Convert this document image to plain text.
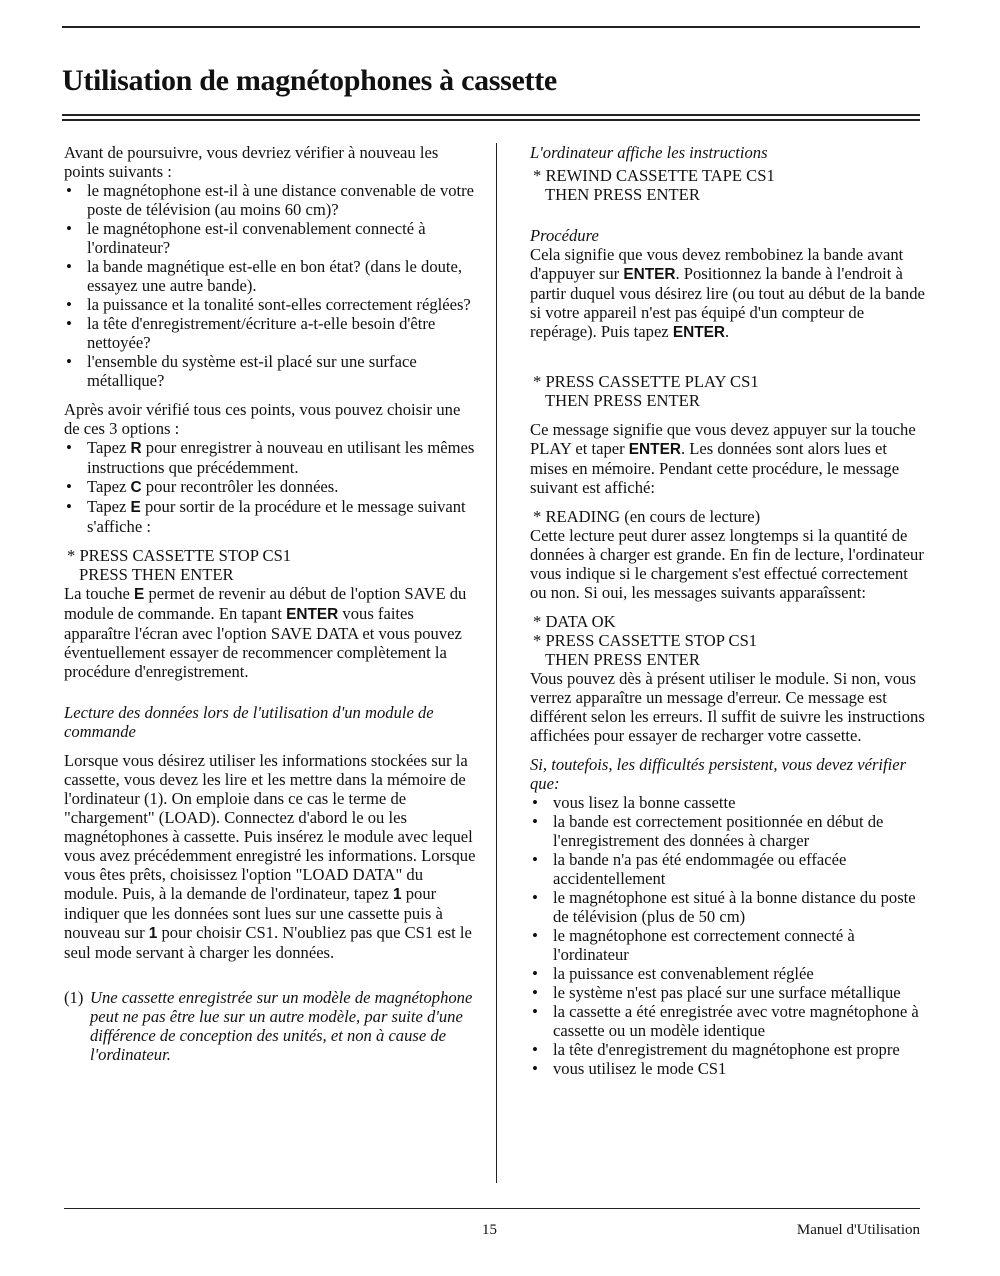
Utilisation de magnétophones à cassette

Avant de poursuivre, vous devriez vérifier à nouveau les points suivants :

• le magnétophone est-il à une distance convenable de votre poste de télévision (au moins 60 cm)?
• le magnétophone est-il convenablement connecté à l'ordinateur?
• la bande magnétique est-elle en bon état? (dans le doute, essayez une autre bande).
• la puissance et la tonalité sont-elles correctement réglées?
• la tête d'enregistrement/écriture a-t-elle besoin d'être nettoyée?
• l'ensemble du système est-il placé sur une surface métallique?

Après avoir vérifié tous ces points, vous pouvez choisir une de ces 3 options :

• Tapez R pour enregistrer à nouveau en utilisant les mêmes instructions que précédemment.
• Tapez C pour recontrôler les données.
• Tapez E pour sortir de la procédure et le message suivant s'affiche :
* PRESS CASSETTE STOP CS1
PRESS THEN ENTER

La touche E permet de revenir au début de l'option SAVE du module de commande. En tapant ENTER vous faites apparaître l'écran avec l'option SAVE DATA et vous pouvez éventuellement essayer de recommencer complètement la procédure d'enregistrement.

Lecture des données lors de l'utilisation d'un module de commande

Lorsque vous désirez utiliser les informations stockées sur la cassette, vous devez les lire et les mettre dans la mémoire de l'ordinateur (1). On emploie dans ce cas le terme de "chargement" (LOAD). Connectez d'abord le ou les magnétophones à cassette. Puis insérez le module avec lequel vous avez précédemment enregistré les informations. Lorsque vous êtes prêts, choisissez l'option "LOAD DATA" du module. Puis, à la demande de l'ordinateur, tapez 1 pour indiquer que les données sont lues sur une cassette puis à nouveau sur 1 pour choisir CS1. N'oubliez pas que CS1 est le seul mode servant à charger les données.

(1) Une cassette enregistrée sur un modèle de magnétophone peut ne pas être lue sur un autre modèle, par suite d'une différence de conception des unités, et non à cause de l'ordinateur.

L'ordinateur affiche les instructions

* REWIND CASSETTE TAPE CS1
THEN PRESS ENTER

Procédure

Cela signifie que vous devez rembobinez la bande avant d'appuyer sur ENTER. Positionnez la bande à l'endroit à partir duquel vous désirez lire (ou tout au début de la bande si votre appareil n'est pas équipé d'un compteur de repérage). Puis tapez ENTER.

* PRESS CASSETTE PLAY CS1
THEN PRESS ENTER

Ce message signifie que vous devez appuyer sur la touche PLAY et taper ENTER. Les données sont alors lues et mises en mémoire. Pendant cette procédure, le message suivant est affiché:

* READING (en cours de lecture)

Cette lecture peut durer assez longtemps si la quantité de données à charger est grande. En fin de lecture, l'ordinateur vous indique si le chargement s'est effectué correctement ou non. Si oui, les messages suivants apparaîssent:

* DATA OK
* PRESS CASSETTE STOP CS1
THEN PRESS ENTER

Vous pouvez dès à présent utiliser le module. Si non, vous verrez apparaître un message d'erreur. Ce message est différent selon les erreurs. Il suffit de suivre les instructions affichées pour essayer de recharger votre cassette.

Si, toutefois, les difficultés persistent, vous devez vérifier que:

• vous lisez la bonne cassette
• la bande est correctement positionnée en début de l'enregistrement des données à charger
• la bande n'a pas été endommagée ou effacée accidentellement
• le magnétophone est situé à la bonne distance du poste de télévision (plus de 50 cm)
• le magnétophone est correctement connecté à l'ordinateur
• la puissance est convenablement réglée
• le système n'est pas placé sur une surface métallique
• la cassette a été enregistrée avec votre magnétophone à cassette ou un modèle identique
• la tête d'enregistrement du magnétophone est propre
• vous utilisez le mode CS1
15	Manuel d'Utilisation
